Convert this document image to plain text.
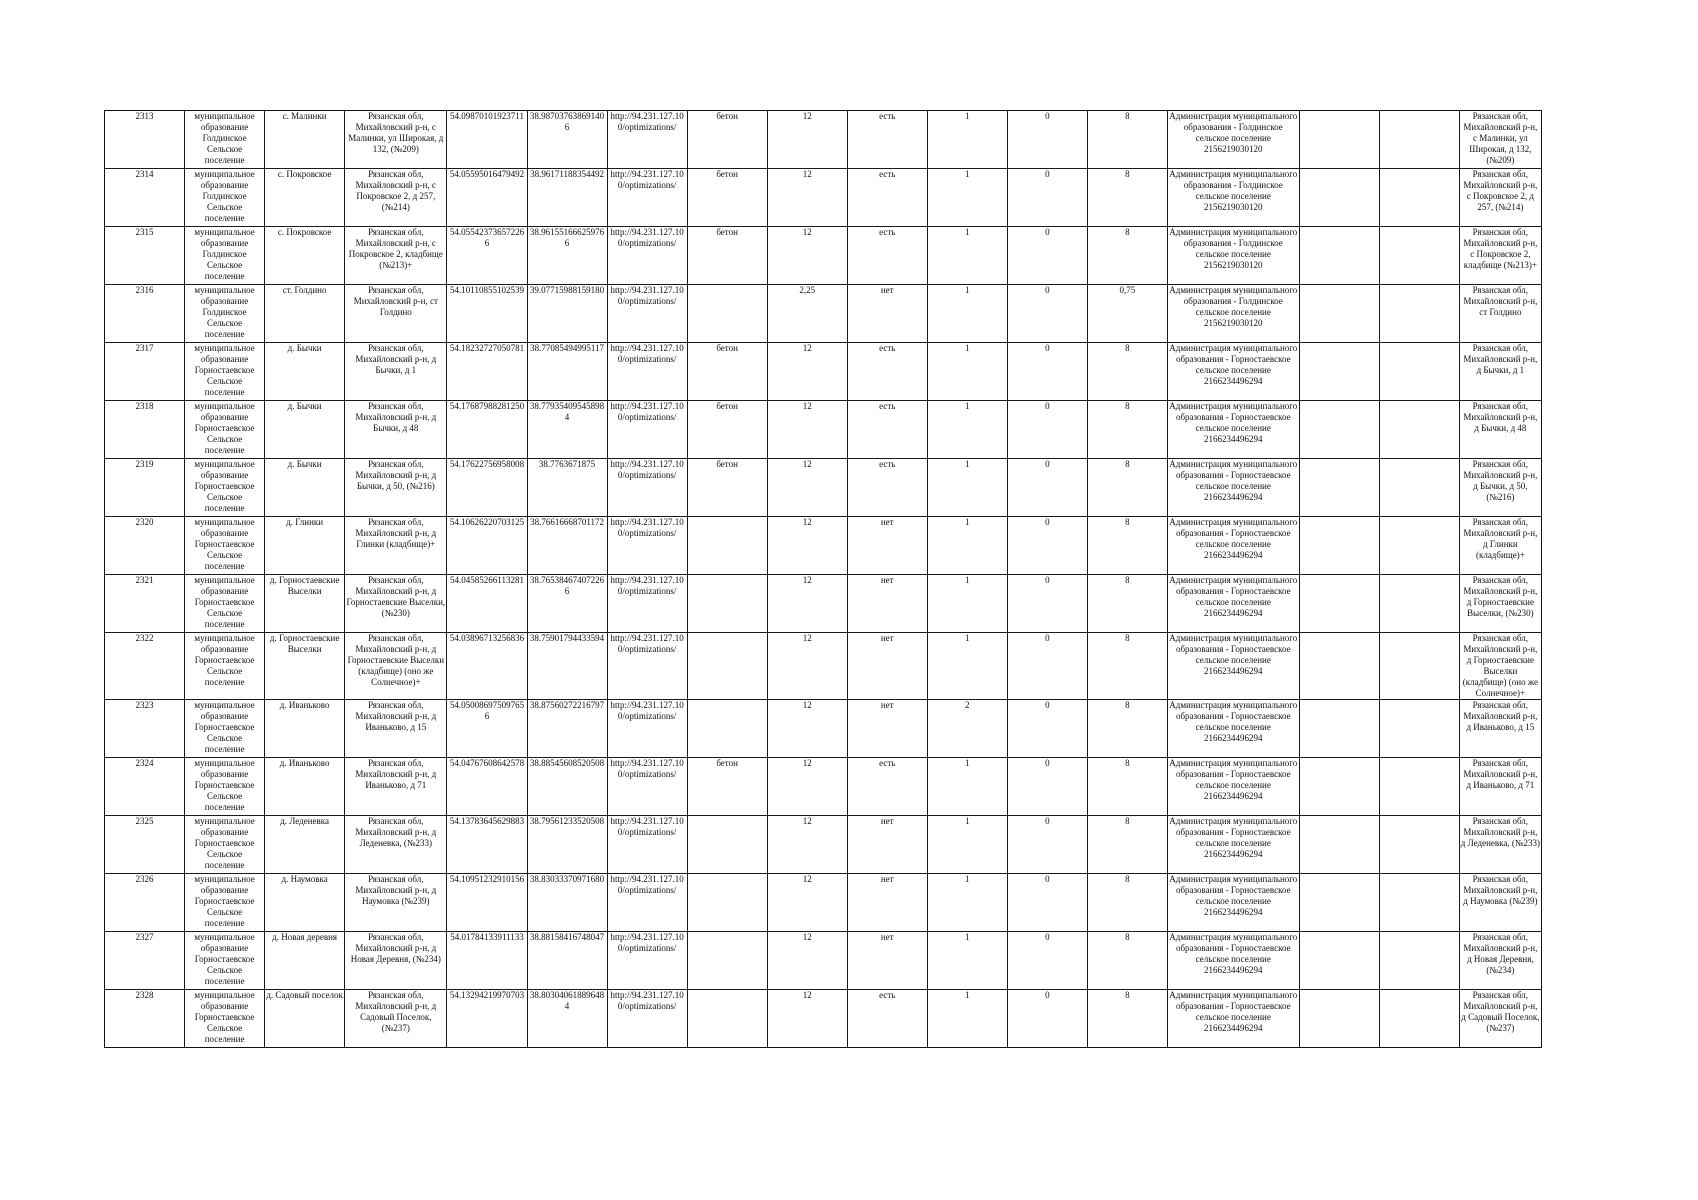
2313	муниципальное образование Голдинское Сельское поселение	с. Малинки	Рязанская обл, Михайловский р-н, с Малинки, ул Широкая, д 132, (№209)	54.09870101923711	38.98703763869140 6	http://94.231.127.100/optimizations/	бетон	12	есть	1	0	8	Администрация муниципального образования - Голдинское сельское поселение 2156219030120			Рязанская обл, Михайловский р-н, с Малинки, ул Широкая, д 132, (№209)
2314	муниципальное образование Голдинское Сельское поселение	с. Покровское	Рязанская обл, Михайловский р-н, с Покровское 2, д 257, (№214)	54.05595016479492	38.96171188354492	http://94.231.127.100/optimizations/	бетон	12	есть	1	0	8	Администрация муниципального образования - Голдинское сельское поселение 2156219030120			Рязанская обл, Михайловский р-н, с Покровское 2, д 257, (№214)
2315	муниципальное образование Голдинское Сельское поселение	с. Покровское	Рязанская обл, Михайловский р-н, с Покровское 2, кладбище (№213)+	54.05542373657226 6	38.96155166625976 6	http://94.231.127.100/optimizations/	бетон	12	есть	1	0	8	Администрация муниципального образования - Голдинское сельское поселение 2156219030120			Рязанская обл, Михайловский р-н, с Покровское 2, кладбище (№213)+
2316	муниципальное образование Голдинское Сельское поселение	ст. Голдино	Рязанская обл, Михайловский р-н, ст Голдино	54.10110855102539	39.07715988159180	http://94.231.127.100/optimizations/		2,25	нет	1	0	0,75	Администрация муниципального образования - Голдинское сельское поселение 2156219030120			Рязанская обл, Михайловский р-н, ст Голдино
2317	муниципальное образование Горностаевское Сельское поселение	д. Бычки	Рязанская обл, Михайловский р-н, д Бычки, д 1	54.18232727050781	38.77085494995117	http://94.231.127.100/optimizations/	бетон	12	есть	1	0	8	Администрация муниципального образования - Горностаевское сельское поселение 2166234496294			Рязанская обл, Михайловский р-н, д Бычки, д 1
2318	муниципальное образование Горностаевское Сельское поселение	д. Бычки	Рязанская обл, Михайловский р-н, д Бычки, д 48	54.17687988281250	38.77935409545898 4	http://94.231.127.100/optimizations/	бетон	12	есть	1	0	8	Администрация муниципального образования - Горностаевское сельское поселение 2166234496294			Рязанская обл, Михайловский р-н, д Бычки, д 48
2319	муниципальное образование Горностаевское Сельское поселение	д. Бычки	Рязанская обл, Михайловский р-н, д Бычки, д 50, (№216)	54.17622756958008	38.7763671875	http://94.231.127.100/optimizations/	бетон	12	есть	1	0	8	Администрация муниципального образования - Горностаевское сельское поселение 2166234496294			Рязанская обл, Михайловский р-н, д Бычки, д 50, (№216)
2320	муниципальное образование Горностаевское Сельское поселение	д. Глинки	Рязанская обл, Михайловский р-н, д Глинки (кладбище)+	54.10626220703125	38.76616668701172	http://94.231.127.100/optimizations/		12	нет	1	0	8	Администрация муниципального образования - Горностаевское сельское поселение 2166234496294			Рязанская обл, Михайловский р-н, д Глинки (кладбище)+
2321	муниципальное образование Горностаевское Сельское поселение	д. Горностаевские Выселки	Рязанская обл, Михайловский р-н, д Горностаевские Выселки, (№230)	54.04585266113281	38.76538467407226 6	http://94.231.127.100/optimizations/		12	нет	1	0	8	Администрация муниципального образования - Горностаевское сельское поселение 2166234496294			Рязанская обл, Михайловский р-н, д Горностаевские Выселки, (№230)
2322	муниципальное образование Горностаевское Сельское поселение	д. Горностаевские Выселки	Рязанская обл, Михайловский р-н, д Горностаевские Выселки (кладбище) (оно же Солнечное)+	54.03896713256836	38.75901794433594	http://94.231.127.100/optimizations/		12	нет	1	0	8	Администрация муниципального образования - Горностаевское сельское поселение 2166234496294			Рязанская обл, Михайловский р-н, д Горностаевские Выселки (кладбище) (оно же Солнечное)+
2323	муниципальное образование Горностаевское Сельское поселение	д. Иваньково	Рязанская обл, Михайловский р-н, д Иваньково, д 15	54.05008697509765 6	38.87560272216797	http://94.231.127.100/optimizations/		12	нет	2	0	8	Администрация муниципального образования - Горностаевское сельское поселение 2166234496294			Рязанская обл, Михайловский р-н, д Иваньково, д 15
2324	муниципальное образование Горностаевское Сельское поселение	д. Иваньково	Рязанская обл, Михайловский р-н, д Иваньково, д 71	54.04767608642578	38.88545608520508	http://94.231.127.100/optimizations/	бетон	12	есть	1	0	8	Администрация муниципального образования - Горностаевское сельское поселение 2166234496294			Рязанская обл, Михайловский р-н, д Иваньково, д 71
2325	муниципальное образование Горностаевское Сельское поселение	д. Леденевка	Рязанская обл, Михайловский р-н, д Леденевка, (№233)	54.13783645629883	38.79561233520508	http://94.231.127.100/optimizations/		12	нет	1	0	8	Администрация муниципального образования - Горностаевское сельское поселение 2166234496294			Рязанская обл, Михайловский р-н, д Леденевка, (№233)
2326	муниципальное образование Горностаевское Сельское поселение	д. Наумовка	Рязанская обл, Михайловский р-н, д Наумовка (№239)	54.10951232910156	38.83033370971680	http://94.231.127.100/optimizations/		12	нет	1	0	8	Администрация муниципального образования - Горностаевское сельское поселение 2166234496294			Рязанская обл, Михайловский р-н, д Наумовка (№239)
2327	муниципальное образование Горностаевское Сельское поселение	д. Новая деревня	Рязанская обл, Михайловский р-н, д Новая Деревня, (№234)	54.01784133911133	38.88158416748047	http://94.231.127.100/optimizations/		12	нет	1	0	8	Администрация муниципального образования - Горностаевское сельское поселение 2166234496294			Рязанская обл, Михайловский р-н, д Новая Деревня, (№234)
2328	муниципальное образование Горностаевское Сельское поселение	д. Садовый поселок	Рязанская обл, Михайловский р-н, д Садовый Поселок, (№237)	54.13294219970703	38.80304061889648 4	http://94.231.127.100/optimizations/		12	есть	1	0	8	Администрация муниципального образования - Горностаевское сельское поселение 2166234496294			Рязанская обл, Михайловский р-н, д Садовый Поселок, (№237)
